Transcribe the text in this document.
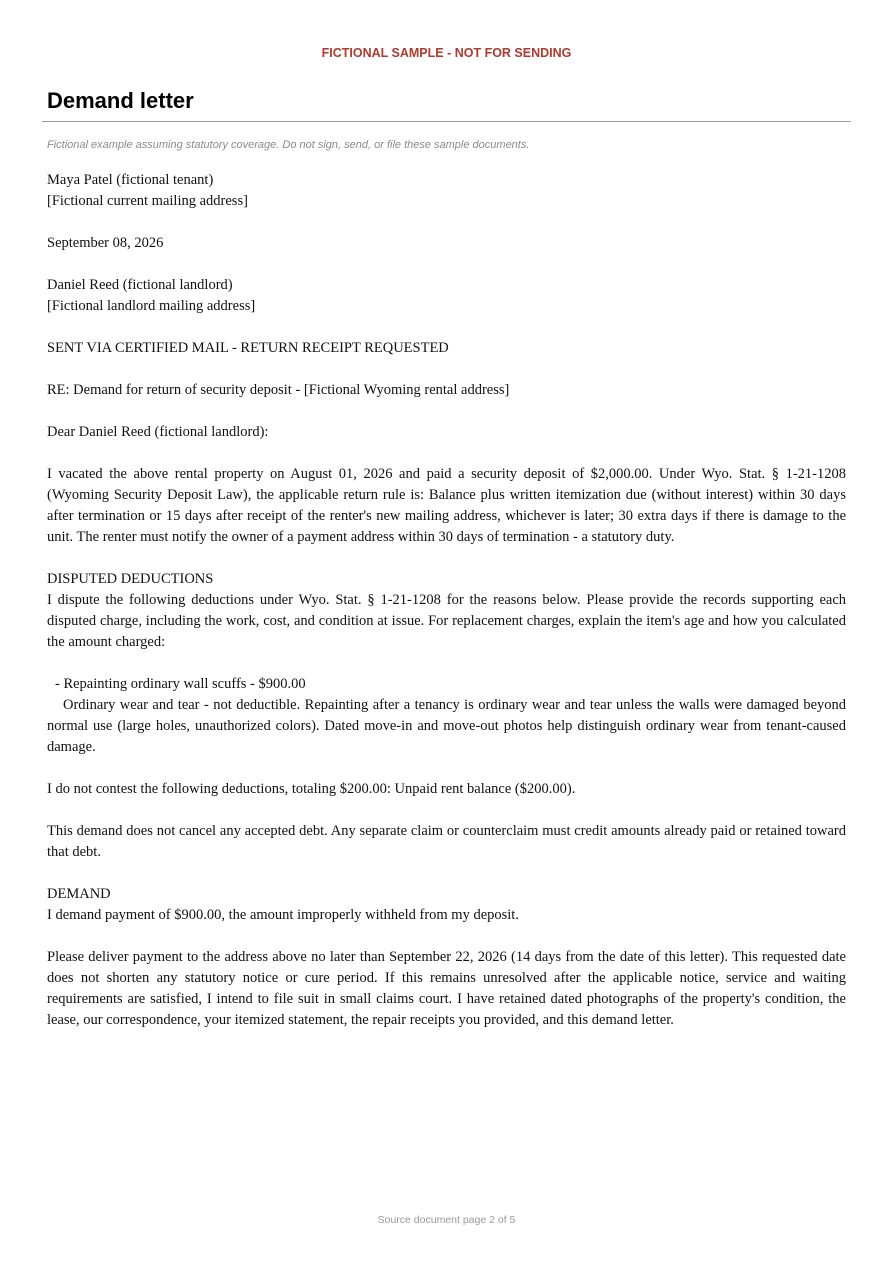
FICTIONAL SAMPLE - NOT FOR SENDING
Demand letter
Fictional example assuming statutory coverage. Do not sign, send, or file these sample documents.

Maya Patel (fictional tenant)
[Fictional current mailing address]

September 08, 2026

Daniel Reed (fictional landlord)
[Fictional landlord mailing address]

SENT VIA CERTIFIED MAIL - RETURN RECEIPT REQUESTED

RE: Demand for return of security deposit - [Fictional Wyoming rental address]

Dear Daniel Reed (fictional landlord):

I vacated the above rental property on August 01, 2026 and paid a security deposit of $2,000.00. Under Wyo. Stat. § 1-21-1208 (Wyoming Security Deposit Law), the applicable return rule is: Balance plus written itemization due (without interest) within 30 days after termination or 15 days after receipt of the renter's new mailing address, whichever is later; 30 extra days if there is damage to the unit. The renter must notify the owner of a payment address within 30 days of termination - a statutory duty.

DISPUTED DEDUCTIONS
I dispute the following deductions under Wyo. Stat. § 1-21-1208 for the reasons below. Please provide the records supporting each disputed charge, including the work, cost, and condition at issue. For replacement charges, explain the item's age and how you calculated the amount charged:

- Repainting ordinary wall scuffs - $900.00
Ordinary wear and tear - not deductible. Repainting after a tenancy is ordinary wear and tear unless the walls were damaged beyond normal use (large holes, unauthorized colors). Dated move-in and move-out photos help distinguish ordinary wear from tenant-caused damage.

I do not contest the following deductions, totaling $200.00: Unpaid rent balance ($200.00).

This demand does not cancel any accepted debt. Any separate claim or counterclaim must credit amounts already paid or retained toward that debt.

DEMAND
I demand payment of $900.00, the amount improperly withheld from my deposit.

Please deliver payment to the address above no later than September 22, 2026 (14 days from the date of this letter). This requested date does not shorten any statutory notice or cure period. If this remains unresolved after the applicable notice, service and waiting requirements are satisfied, I intend to file suit in small claims court. I have retained dated photographs of the property's condition, the lease, our correspondence, your itemized statement, the repair receipts you provided, and this demand letter.

Source document page 2 of 5
